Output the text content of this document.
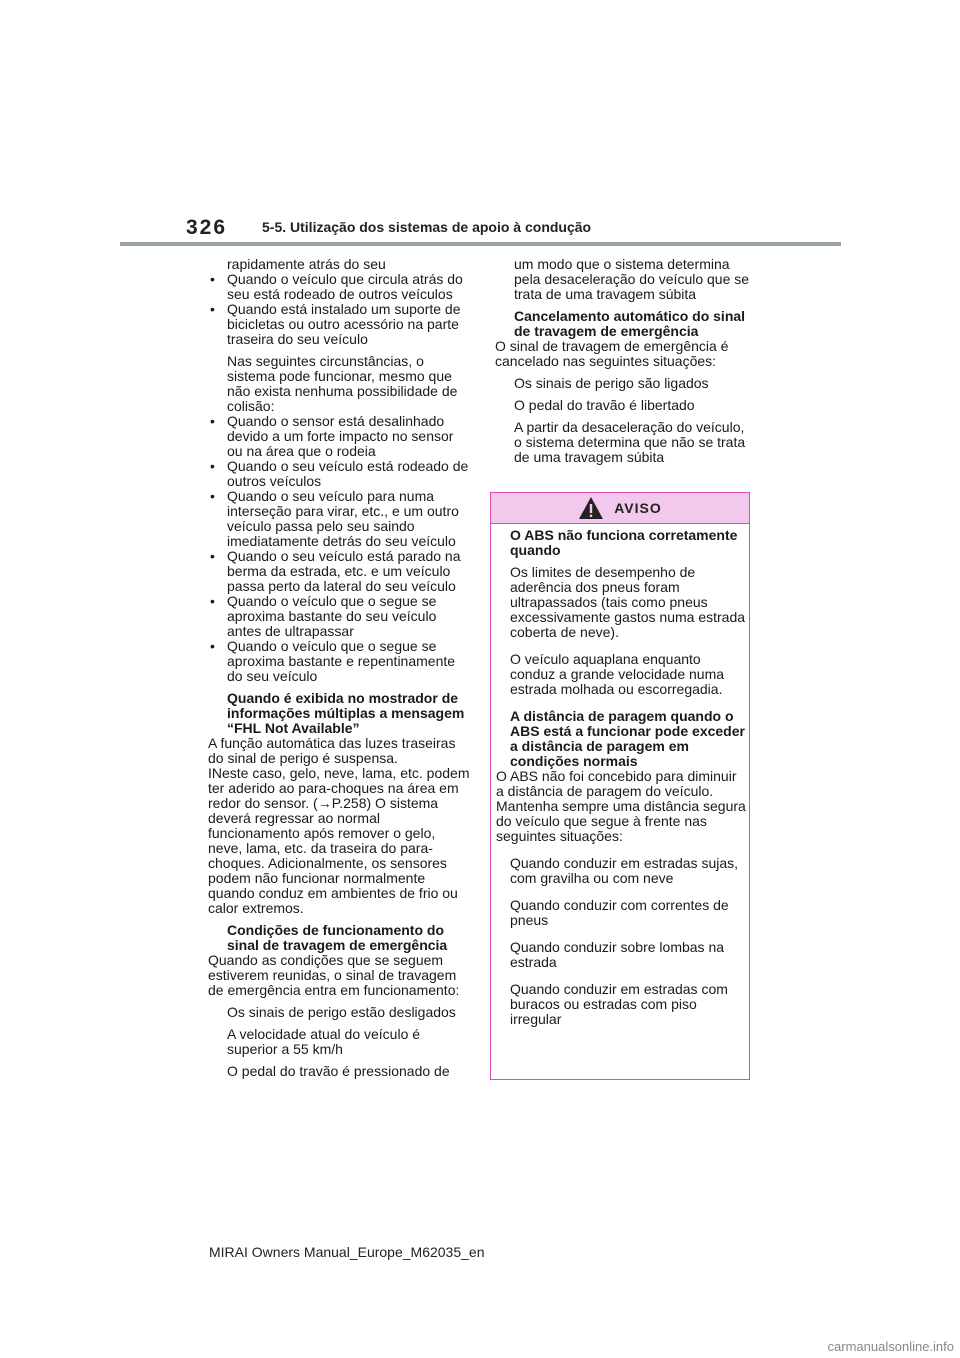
326 5-5. Utilização dos sistemas de apoio à condução

rapidamente atrás do seu

• Quando o veículo que circula atrás do seu está rodeado de outros veículos
• Quando está instalado um suporte de bicicletas ou outro acessório na parte traseira do seu veículo

Nas seguintes circunstâncias, o sistema pode funcionar, mesmo que não exista nenhuma possibilidade de colisão:

• Quando o sensor está desalinhado devido a um forte impacto no sensor ou na área que o rodeia
• Quando o seu veículo está rodeado de outros veículos
• Quando o seu veículo para numa interseção para virar, etc., e um outro veículo passa pelo seu saindo imediatamente detrás do seu veículo
• Quando o seu veículo está parado na berma da estrada, etc. e um veículo passa perto da lateral do seu veículo
• Quando o veículo que o segue se aproxima bastante do seu veículo antes de ultrapassar
• Quando o veículo que o segue se aproxima bastante e repentinamente do seu veículo

Quando é exibida no mostrador de informações múltiplas a mensagem “FHL Not Available”

A função automática das luzes traseiras do sinal de perigo é suspensa.
INeste caso, gelo, neve, lama, etc. podem ter aderido ao para-choques na área em redor do sensor. (→P.258) O sistema deverá regressar ao normal funcionamento após remover o gelo, neve, lama, etc. da traseira do para-choques. Adicionalmente, os sensores podem não funcionar normalmente quando conduz em ambientes de frio ou calor extremos.

Condições de funcionamento do sinal de travagem de emergência

Quando as condições que se seguem estiverem reunidas, o sinal de travagem de emergência entra em funcionamento:

Os sinais de perigo estão desligados

A velocidade atual do veículo é superior a 55 km/h

O pedal do travão é pressionado de

um modo que o sistema determina pela desaceleração do veículo que se trata de uma travagem súbita

Cancelamento automático do sinal de travagem de emergência

O sinal de travagem de emergência é cancelado nas seguintes situações:

Os sinais de perigo são ligados

O pedal do travão é libertado

A partir da desaceleração do veículo, o sistema determina que não se trata de uma travagem súbita

AVISO

O ABS não funciona corretamente quando

Os limites de desempenho de aderência dos pneus foram ultrapassados (tais como pneus excessivamente gastos numa estrada coberta de neve).

O veículo aquaplana enquanto conduz a grande velocidade numa estrada molhada ou escorregadia.

A distância de paragem quando o ABS está a funcionar pode exceder a distância de paragem em condições normais

O ABS não foi concebido para diminuir a distância de paragem do veículo.
Mantenha sempre uma distância segura do veículo que segue à frente nas seguintes situações:

Quando conduzir em estradas sujas, com gravilha ou com neve

Quando conduzir com correntes de pneus

Quando conduzir sobre lombas na estrada

Quando conduzir em estradas com buracos ou estradas com piso irregular

MIRAI Owners Manual_Europe_M62035_en
carmanualsonline.info
